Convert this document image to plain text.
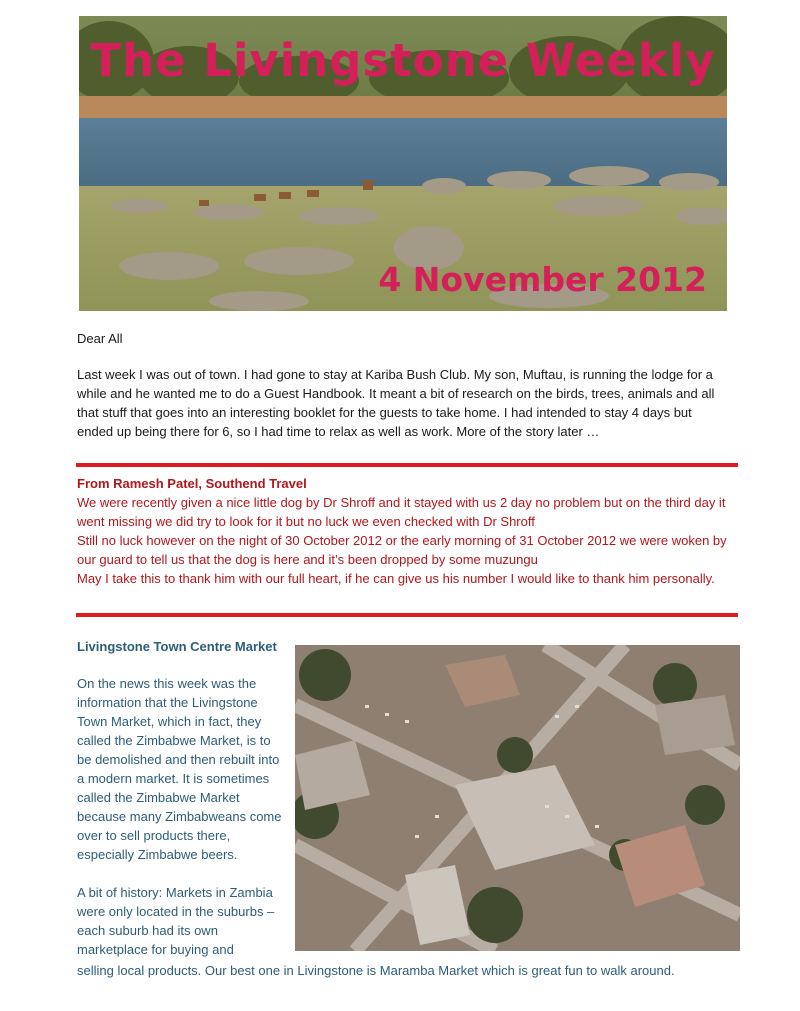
The Livingstone Weekly
4 November 2012
Dear All

Last week I was out of town. I had gone to stay at Kariba Bush Club. My son, Muftau, is running the lodge for a while and he wanted me to do a Guest Handbook. It meant a bit of research on the birds, trees, animals and all that stuff that goes into an interesting booklet for the guests to take home. I had intended to stay 4 days but ended up being there for 6, so I had time to relax as well as work. More of the story later …

From Ramesh Patel, Southend Travel
We were recently given a nice little dog by Dr Shroff and it stayed with us 2 day no problem but on the third day it went missing we did try to look for it but no luck we even checked with Dr Shroff
Still no luck however on the night of 30 October 2012 or the early morning of 31 October 2012 we were woken by our guard to tell us that the dog is here and it’s been dropped by some muzungu
May I take this to thank him with our full heart, if he can give us his number I would like to thank him personally.
Livingstone Town Centre Market

On the news this week was the information that the Livingstone Town Market, which in fact, they called the Zimbabwe Market, is to be demolished and then rebuilt into a modern market. It is sometimes called the Zimbabwe Market because many Zimbabweans come over to sell products there, especially Zimbabwe beers.

A bit of history: Markets in Zambia were only located in the suburbs – each suburb had its own marketplace for buying and

selling local products. Our best one in Livingstone is Maramba Market which is great fun to walk around.
